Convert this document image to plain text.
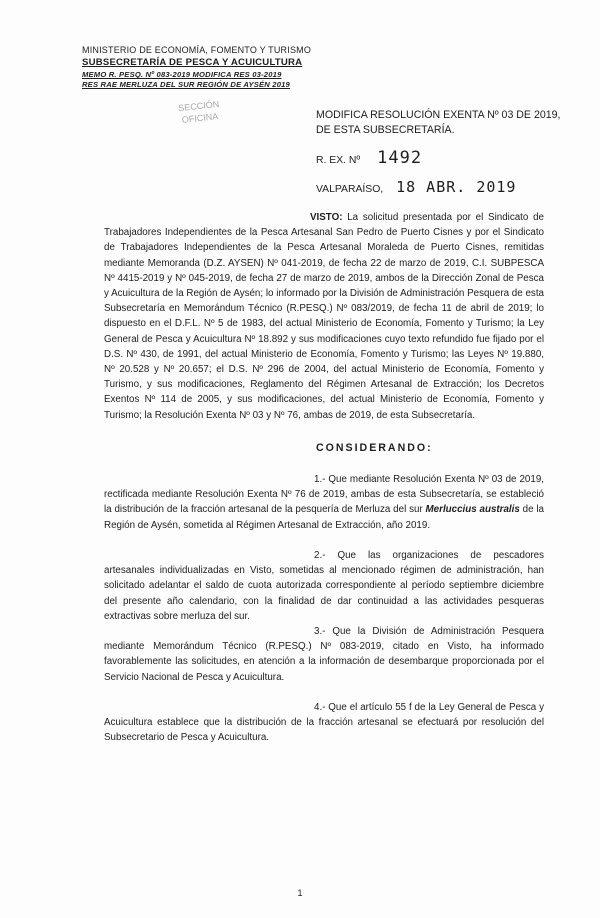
MINISTERIO DE ECONOMÍA, FOMENTO Y TURISMO
SUBSECRETARÍA DE PESCA Y ACUICULTURA
MEMO R. PESQ. Nº 083-2019 MODIFICA RES 03-2019
RES RAE MERLUZA DEL SUR REGIÓN DE AYSÉN 2019
SECCIÓN
OFICINA	MODIFICA RESOLUCIÓN EXENTA Nº 03 DE 2019, DE ESTA SUBSECRETARÍA.
R. EX. Nº 1492
VALPARAÍSO, 18 ABR. 2019

VISTO: La solicitud presentada por el Sindicato de Trabajadores Independientes de la Pesca Artesanal San Pedro de Puerto Cisnes y por el Sindicato de Trabajadores Independientes de la Pesca Artesanal Moraleda de Puerto Cisnes, remitidas mediante Memoranda (D.Z. AYSEN) Nº 041-2019, de fecha 22 de marzo de 2019, C.I. SUBPESCA Nº 4415-2019 y Nº 045-2019, de fecha 27 de marzo de 2019, ambos de la Dirección Zonal de Pesca y Acuicultura de la Región de Aysén; lo informado por la División de Administración Pesquera de esta Subsecretaría en Memorándum Técnico (R.PESQ.) Nº 083/2019, de fecha 11 de abril de 2019; lo dispuesto en el D.F.L. Nº 5 de 1983, del actual Ministerio de Economía, Fomento y Turismo; la Ley General de Pesca y Acuicultura Nº 18.892 y sus modificaciones cuyo texto refundido fue fijado por el D.S. Nº 430, de 1991, del actual Ministerio de Economía, Fomento y Turismo; las Leyes Nº 19.880, Nº 20.528 y Nº 20.657; el D.S. Nº 296 de 2004, del actual Ministerio de Economía, Fomento y Turismo, y sus modificaciones, Reglamento del Régimen Artesanal de Extracción; los Decretos Exentos Nº 114 de 2005, y sus modificaciones, del actual Ministerio de Economía, Fomento y Turismo; la Resolución Exenta Nº 03 y Nº 76, ambas de 2019, de esta Subsecretaría.

CONSIDERANDO:

1.- Que mediante Resolución Exenta Nº 03 de 2019, rectificada mediante Resolución Exenta Nº 76 de 2019, ambas de esta Subsecretaría, se estableció la distribución de la fracción artesanal de la pesquería de Merluza del sur Merluccius australis de la Región de Aysén, sometida al Régimen Artesanal de Extracción, año 2019.

2.- Que las organizaciones de pescadores artesanales individualizadas en Visto, sometidas al mencionado régimen de administración, han solicitado adelantar el saldo de cuota autorizada correspondiente al período septiembre diciembre del presente año calendario, con la finalidad de dar continuidad a las actividades pesqueras extractivas sobre merluza del sur.

3.- Que la División de Administración Pesquera mediante Memorándum Técnico (R.PESQ.) Nº 083-2019, citado en Visto, ha informado favorablemente las solicitudes, en atención a la información de desembarque proporcionada por el Servicio Nacional de Pesca y Acuicultura.

4.- Que el artículo 55 f de la Ley General de Pesca y Acuicultura establece que la distribución de la fracción artesanal se efectuará por resolución del Subsecretario de Pesca y Acuicultura.

1
